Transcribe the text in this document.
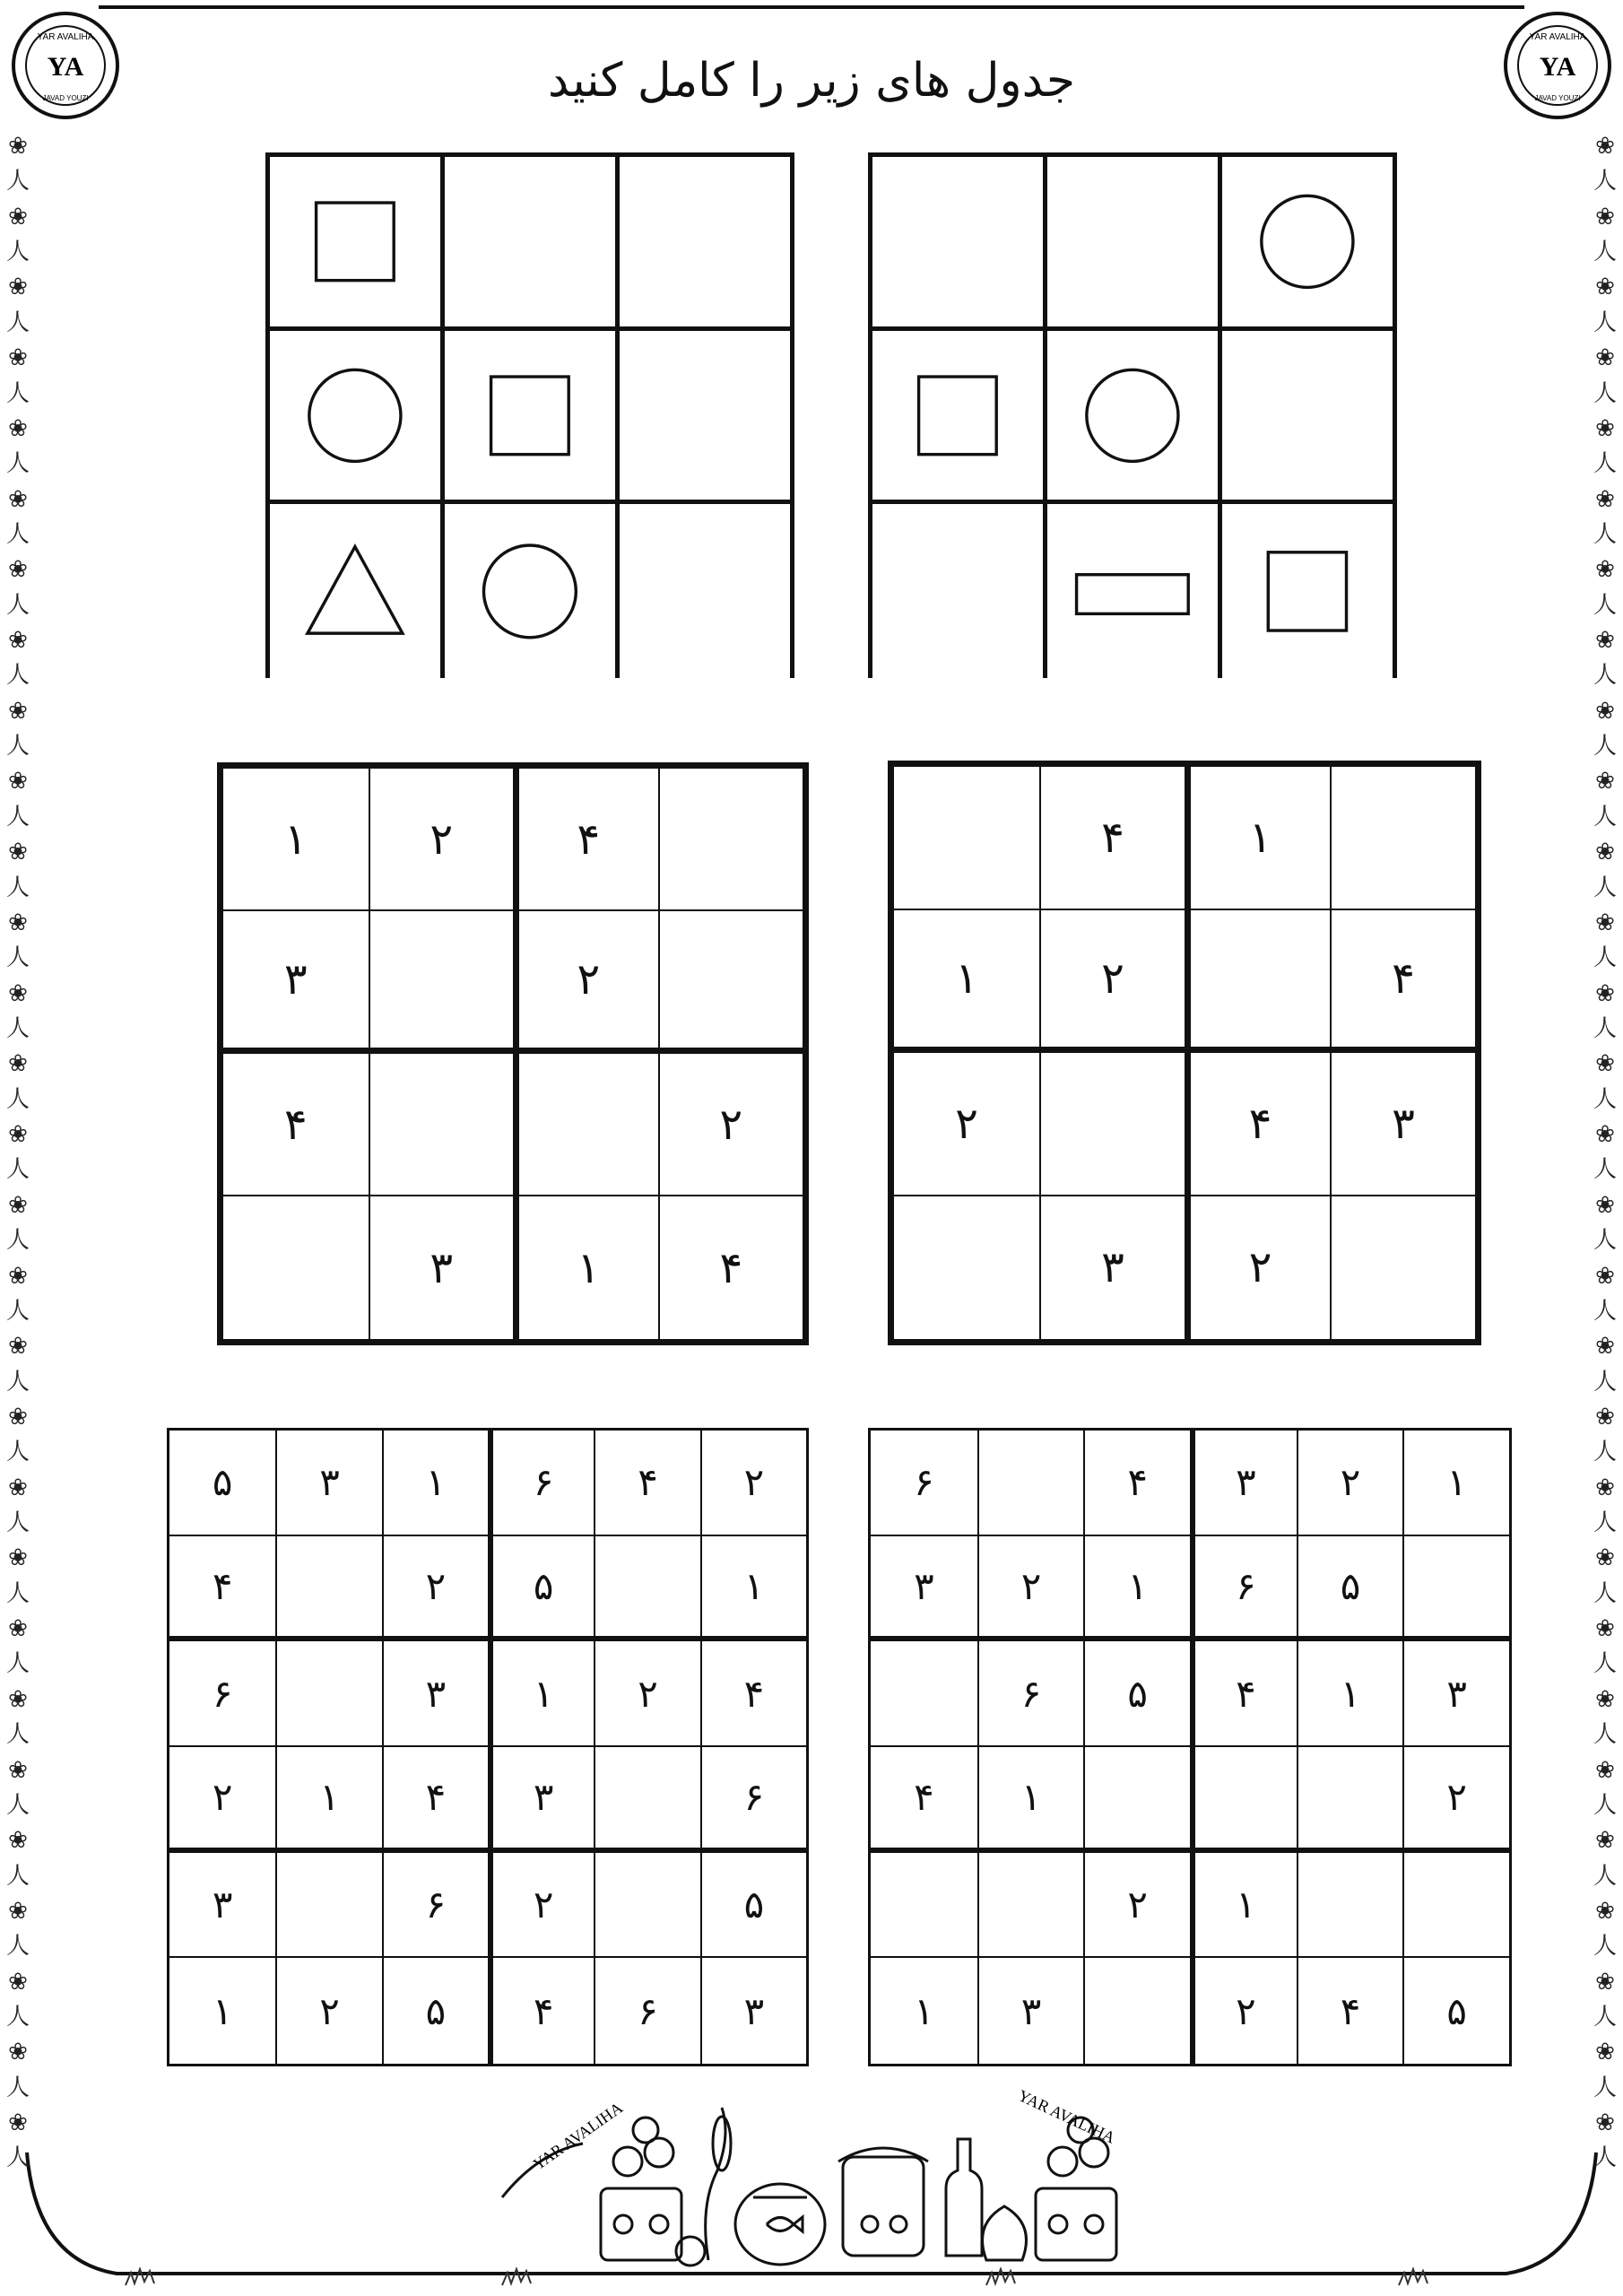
❀
人
❀
人
❀
人
❀
人
❀
人
❀
人
❀
人
❀
人
❀
人
❀
人
❀
人
❀
人
❀
人
❀
人
❀
人
❀
人
❀
人
❀
人
❀
人
❀
人
❀
人
❀
人
❀
人
❀
人
❀
人
❀
人
❀
人
❀
人
❀
人
❀
人
❀
人
❀
人
❀
人
❀
人
❀
人
❀
人
❀
人
❀
人
❀
人
❀
人
❀
人
❀
人
❀
人
❀
人
❀
人
❀
人
❀
人
❀
人
❀
人
❀
人
❀
人
❀
人
❀
人
❀
人
❀
人
❀
人
❀
人
❀
人
YA
YAR AVALIHA
JAVAD YOUZI
YA
YAR AVALIHA
JAVAD YOUZI
جدول های زیر را کامل کنید
۴
۲
۱
۲
۳
۲
۴
۴
۱
۳
۱
۴
۴
۲
۱
۳
۴
۲
۲
۳
۲
۴
۶
۱
۳
۵
۱
۵
۲
۴
۴
۲
۱
۳
۶
۶
۳
۴
۱
۲
۵
۲
۶
۳
۳
۶
۴
۵
۲
۱
۱
۲
۳
۴
۶
۵
۶
۱
۲
۳
۳
۱
۴
۵
۶
۲
۱
۴
۱
۲
۵
۴
۲
۳
۱
YAR AVALIHA	YAR AVALIHA
